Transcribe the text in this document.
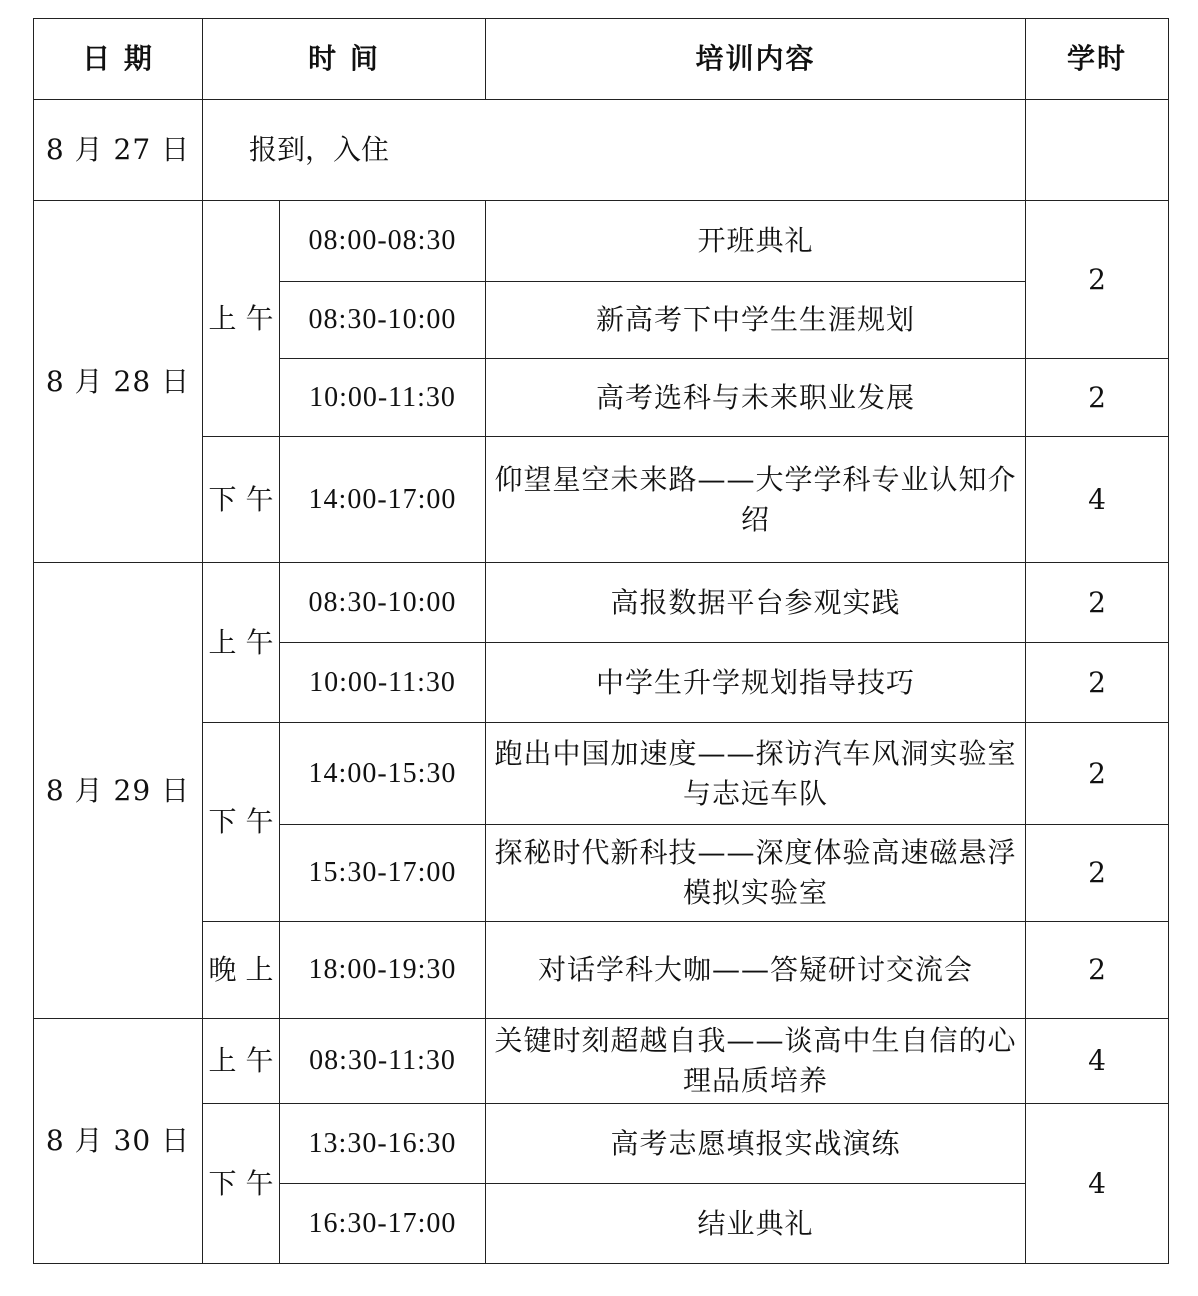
日 期	时 间		培训内容	学时
8 月 27 日	报到，入住			
8 月 28 日	上 午	08:00-08:30	开班典礼	2
		08:30-10:00	新高考下中学生生涯规划	
		10:00-11:30	高考选科与未来职业发展	2
	下 午	14:00-17:00	仰望星空未来路——大学学科专业认知介绍	4
8 月 29 日	上 午	08:30-10:00	高报数据平台参观实践	2
		10:00-11:30	中学生升学规划指导技巧	2
	下 午	14:00-15:30	跑出中国加速度——探访汽车风洞实验室与志远车队	2
		15:30-17:00	探秘时代新科技——深度体验高速磁悬浮模拟实验室	2
	晚 上	18:00-19:30	对话学科大咖——答疑研讨交流会	2
8 月 30 日	上 午	08:30-11:30	关键时刻超越自我——谈高中生自信的心理品质培养	4
	下 午	13:30-16:30	高考志愿填报实战演练	4
		16:30-17:00	结业典礼	
